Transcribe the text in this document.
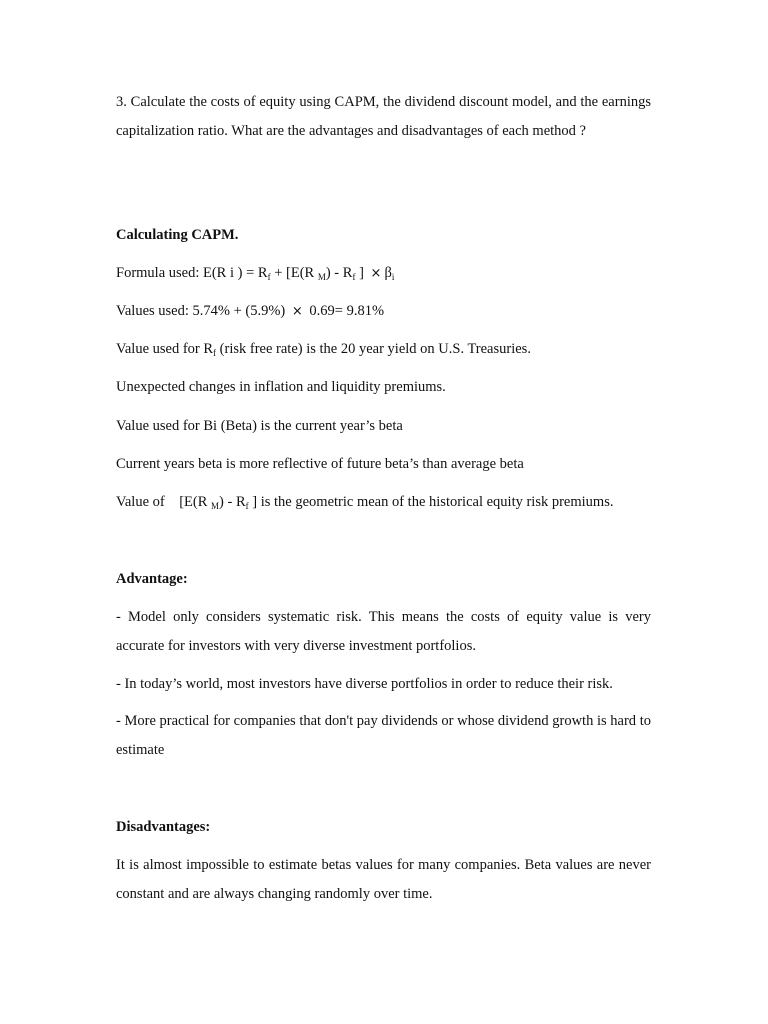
3. Calculate the costs of equity using CAPM, the dividend discount model, and the earnings capitalization ratio. What are the advantages and disadvantages of each method ?
Calculating CAPM.
Formula used: E(R i ) = $R_f + [E(R$ $_M) - R_f$ ] × $\beta_i$
Values used: 5.74% + (5.9%) × 0.69= 9.81%
Value used for $R_f$ (risk free rate) is the 20 year yield on U.S. Treasuries.
Unexpected changes in inflation and liquidity premiums.
Value used for Bi (Beta) is the current year’s beta
Current years beta is more reflective of future beta’s than average beta
Value of    [E(R $_M) - R_f$ ] is the geometric mean of the historical equity risk premiums.
Advantage:
- Model only considers systematic risk. This means the costs of equity value is very accurate for investors with very diverse investment portfolios.
- In today’s world, most investors have diverse portfolios in order to reduce their risk.
- More practical for companies that don't pay dividends or whose dividend growth is hard to estimate
Disadvantages:
It is almost impossible to estimate betas values for many companies. Beta values are never constant and are always changing randomly over time.
